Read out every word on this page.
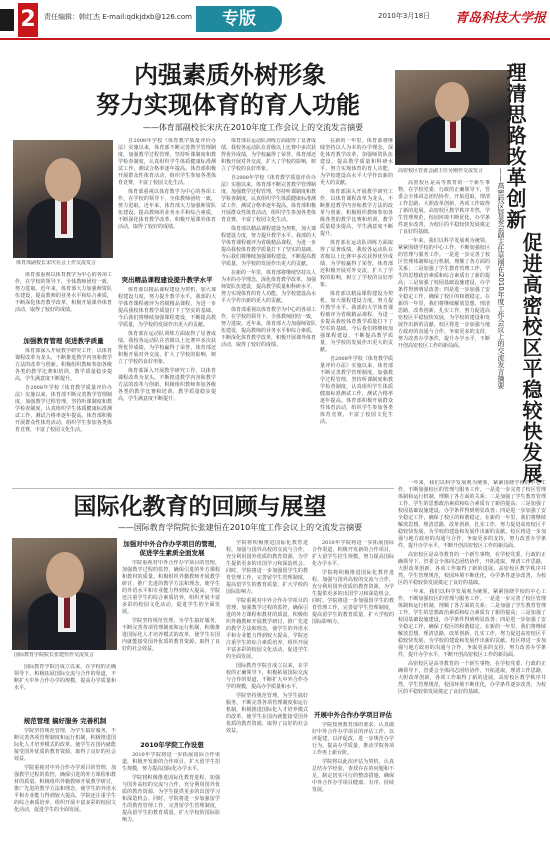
2	责任编辑：韩红杰 E-mail:qdkjdxb@126.com	专版	2010年3月18日	青岛科技大学报
内强素质外树形象
努力实现体育的育人功能
——体育部副校长宋庆在2010年度工作会议上的交流发言摘要
体育部副校长宋庆在会上作交流发言

体育部重视以体育教学为中心的各项工作，在学校的领导下，全体教师团结一致，努力进取。近年来，体育部大力加强师资队伍建设，提高教师的业务水平和综合素质，不断深化体育教学改革，积极开展课外体育活动，取得了较好的成绩。

加强教育管理 促进教学质量

体育部深入开展教学研究工作，以体育课程改革为龙头，不断推进教学内容和教学方法的改革与创新。积极组织教师参加各级各类的教学比赛和培训，教学质量稳步提高，学生满意度不断提升。

自2008年学校《体育教学质量评价办法》实施以来，体育部不断完善教学管理制度，加强教学过程管理，坚持听课制度和教学检查制度，认真组织学生体质健康标准测试工作，测试合格率逐年提高。体育部积极开展群众性体育活动，组织学生参加各类体育竞赛，丰富了校园文化生活。

自2008年学校《体育教学质量评价办法》实施以来，体育部不断完善教学管理制度，加强教学过程管理，坚持听课制度和教学检查制度，认真组织学生体质健康标准测试工作，测试合格率逐年提高。体育部积极开展群众性体育活动，组织学生参加各类体育竞赛，丰富了校园文化生活。

体育部重视以体育教学为中心的各项工作，在学校的领导下，全体教师团结一致，努力进取。近年来，体育部大力加强师资队伍建设，提高教师的业务水平和综合素质，不断深化体育教学改革，积极开展课外体育活动，取得了较好的成绩。

突出精品课程建设提升教学水平

体育部以精品课程建设为契机，加大课程建设力度，努力提升教学水平。我部的大学体育课程被评为省级精品课程，为进一步提高我校体育教学质量打下了坚实的基础。今后我们将继续加强课程建设，不断提高教学质量，为学校的发展作出更大的贡献。

体育部在运动队训练方面取得了显著成绩。我校各运动队在省级以上比赛中多次获得优异成绩，为学校赢得了荣誉。体育部还积极开展对外交流，扩大了学校的影响，树立了学校的良好形象。

体育部深入开展教学研究工作，以体育课程改革为龙头，不断推进教学内容和教学方法的改革与创新。积极组织教师参加各级各类的教学比赛和培训，教学质量稳步提高，学生满意度不断提升。

体育部在运动队训练方面取得了显著成绩。我校各运动队在省级以上比赛中多次获得优异成绩，为学校赢得了荣誉。体育部还积极开展对外交流，扩大了学校的影响，树立了学校的良好形象。

自2008年学校《体育教学质量评价办法》实施以来，体育部不断完善教学管理制度，加强教学过程管理，坚持听课制度和教学检查制度，认真组织学生体质健康标准测试工作，测试合格率逐年提高。体育部积极开展群众性体育活动，组织学生参加各类体育竞赛，丰富了校园文化生活。

体育部以精品课程建设为契机，加大课程建设力度，努力提升教学水平。我部的大学体育课程被评为省级精品课程，为进一步提高我校体育教学质量打下了坚实的基础。今后我们将继续加强课程建设，不断提高教学质量，为学校的发展作出更大的贡献。

在新的一年里，体育部将继续坚持以人为本的办学理念，深化体育教学改革，加强师资队伍建设，提高教学质量和科研水平，努力实现体育的育人功能，为学校建设高水平大学作出新的更大的贡献。

体育部重视以体育教学为中心的各项工作，在学校的领导下，全体教师团结一致，努力进取。近年来，体育部大力加强师资队伍建设，提高教师的业务水平和综合素质，不断深化体育教学改革，积极开展课外体育活动，取得了较好的成绩。

在新的一年里，体育部将继续坚持以人为本的办学理念，深化体育教学改革，加强师资队伍建设，提高教学质量和科研水平，努力实现体育的育人功能，为学校建设高水平大学作出新的更大的贡献。

体育部深入开展教学研究工作，以体育课程改革为龙头，不断推进教学内容和教学方法的改革与创新。积极组织教师参加各级各类的教学比赛和培训，教学质量稳步提高，学生满意度不断提升。

体育部在运动队训练方面取得了显著成绩。我校各运动队在省级以上比赛中多次获得优异成绩，为学校赢得了荣誉。体育部还积极开展对外交流，扩大了学校的影响，树立了学校的良好形象。

体育部以精品课程建设为契机，加大课程建设力度，努力提升教学水平。我部的大学体育课程被评为省级精品课程，为进一步提高我校体育教学质量打下了坚实的基础。今后我们将继续加强课程建设，不断提高教学质量，为学校的发展作出更大的贡献。

自2008年学校《体育教学质量评价办法》实施以来，体育部不断完善教学管理制度，加强教学过程管理，坚持听课制度和教学检查制度，认真组织学生体质健康标准测试工作，测试合格率逐年提高。体育部积极开展群众性体育活动，组织学生参加各类体育竞赛，丰富了校园文化生活。

理清思路改革创新
——高密校区管委会副主任吴刚在2010年度工作会议上的交流发言摘要 促进高密校区平稳较快发展
高密校区管委会副主任吴刚作交流发言

高密校区是高等教育的一个新生事物，在学校党委、行政的正确领导下，管委会全体同志团结协作，开拓进取，理清工作思路，大胆改革创新，各项工作取得了新的进展。高密校区教学秩序井然，学生管理规范，校园环境不断优化，办学条件逐步改善，为校区的平稳较快发展奠定了良好的基础。

一年来，我们以科学发展观为统领，紧紧围绕学校的中心工作，不断加强校区的管理与服务工作。一是进一步完善了校区管理体制和运行机制，理顺了各方面的关系；二是加强了学生教育管理工作，学生的思想政治素质和综合素质有了新的提高；三是加强了校园基础设施建设，办学条件得到明显改善；四是进一步加强了安全稳定工作，确保了校区的和谐稳定。在新的一年里，我们将继续解放思想，理清思路，改革创新，扎实工作，努力促进高密校区平稳较快发展，为学校的建设和发展作出新的贡献。校区将进一步加强与地方政府的沟通与合作，争取更多的支持，努力改善办学条件，提升办学水平，不断开创高密校区工作的新局面。

一年来，我们以科学发展观为统领，紧紧围绕学校的中心工作，不断加强校区的管理与服务工作。一是进一步完善了校区管理体制和运行机制，理顺了各方面的关系；二是加强了学生教育管理工作，学生的思想政治素质和综合素质有了新的提高；三是加强了校园基础设施建设，办学条件得到明显改善；四是进一步加强了安全稳定工作，确保了校区的和谐稳定。在新的一年里，我们将继续解放思想，理清思路，改革创新，扎实工作，努力促进高密校区平稳较快发展，为学校的建设和发展作出新的贡献。校区将进一步加强与地方政府的沟通与合作，争取更多的支持，努力改善办学条件，提升办学水平，不断开创高密校区工作的新局面。

高密校区是高等教育的一个新生事物，在学校党委、行政的正确领导下，管委会全体同志团结协作，开拓进取，理清工作思路，大胆改革创新，各项工作取得了新的进展。高密校区教学秩序井然，学生管理规范，校园环境不断优化，办学条件逐步改善，为校区的平稳较快发展奠定了良好的基础。

一年来，我们以科学发展观为统领，紧紧围绕学校的中心工作，不断加强校区的管理与服务工作。一是进一步完善了校区管理体制和运行机制，理顺了各方面的关系；二是加强了学生教育管理工作，学生的思想政治素质和综合素质有了新的提高；三是加强了校园基础设施建设，办学条件得到明显改善；四是进一步加强了安全稳定工作，确保了校区的和谐稳定。在新的一年里，我们将继续解放思想，理清思路，改革创新，扎实工作，努力促进高密校区平稳较快发展，为学校的建设和发展作出新的贡献。校区将进一步加强与地方政府的沟通与合作，争取更多的支持，努力改善办学条件，提升办学水平，不断开创高密校区工作的新局面。

高密校区是高等教育的一个新生事物，在学校党委、行政的正确领导下，管委会全体同志团结协作，开拓进取，理清工作思路，大胆改革创新，各项工作取得了新的进展。高密校区教学秩序井然，学生管理规范，校园环境不断优化，办学条件逐步改善，为校区的平稳较快发展奠定了良好的基础。

国际化教育的回顾与展望
——国际教育学院院长张建恒在2010年度工作会议上的交流发言摘要
国际教育学院院长张建恒作交流发言

国际教育学院自成立以来，在学校的正确领导下，积极拓展国际交流与合作的渠道，不断扩大中外合作办学的规模，提高办学质量和水平。

规范管理 搞好服务 完善机制

学院坚持规范管理，为学生搞好服务，不断完善各项管理制度和运行机制，积极推进国际化人才培养模式的改革，使学生在国内就能接受国外优质的教育资源，取得了良好的社会效益。

学院重视对中外合作办学项目的管理，加强教学过程的监控，确保引进的外方课程和教材的质量。积极组织外籍教师开展教学研讨，推广先进的教学方法和理念，使学生的外语水平和专业能力得到较大提高。学院还注重学生的综合素质培养，组织开展丰富多彩的校园文化活动，促进学生的全面发展。

加强对中外合作办学项目的管理，促进学生素质全面发展

学院重视对中外合作办学项目的管理，加强教学过程的监控，确保引进的外方课程和教材的质量。积极组织外籍教师开展教学研讨，推广先进的教学方法和理念，使学生的外语水平和专业能力得到较大提高。学院还注重学生的综合素质培养，组织开展丰富多彩的校园文化活动，促进学生的全面发展。

学院坚持规范管理，为学生搞好服务，不断完善各项管理制度和运行机制，积极推进国际化人才培养模式的改革，使学生在国内就能接受国外优质的教育资源，取得了良好的社会效益。

2010年学院工作设想

2010年学院将进一步拓展国际合作渠道，积极开发新的合作项目，扩大留学生招生规模，努力提高国际化办学水平。

学院将积极推进国际化教育进程，加强与国外高校的交流与合作，充分利用国外优质的教育资源，为学生提供更多的出国学习和深造机会。同时，学院将进一步加强留学生的教育管理工作，完善留学生管理制度，提高留学生的教育质量，扩大学校的国际影响力。

学院将积极推进国际化教育进程，加强与国外高校的交流与合作，充分利用国外优质的教育资源，为学生提供更多的出国学习和深造机会。同时，学院将进一步加强留学生的教育管理工作，完善留学生管理制度，提高留学生的教育质量，扩大学校的国际影响力。

学院重视对中外合作办学项目的管理，加强教学过程的监控，确保引进的外方课程和教材的质量。积极组织外籍教师开展教学研讨，推广先进的教学方法和理念，使学生的外语水平和专业能力得到较大提高。学院还注重学生的综合素质培养，组织开展丰富多彩的校园文化活动，促进学生的全面发展。

国际教育学院自成立以来，在学校的正确领导下，积极拓展国际交流与合作的渠道，不断扩大中外合作办学的规模，提高办学质量和水平。

学院坚持规范管理，为学生搞好服务，不断完善各项管理制度和运行机制，积极推进国际化人才培养模式的改革，使学生在国内就能接受国外优质的教育资源，取得了良好的社会效益。

2010年学院将进一步拓展国际合作渠道，积极开发新的合作项目，扩大留学生招生规模，努力提高国际化办学水平。

学院将积极推进国际化教育进程，加强与国外高校的交流与合作，充分利用国外优质的教育资源，为学生提供更多的出国学习和深造机会。同时，学院将进一步加强留学生的教育管理工作，完善留学生管理制度，提高留学生的教育质量，扩大学校的国际影响力。

开展中外合作办学项目评估

学院按照教育部的要求，认真做好中外合作办学项目的评估工作，以评促建，以评促改，进一步规范办学行为，提高办学质量，推动学院各项工作再上新台阶。

学院将以此次评估为契机，认真总结办学经验，查找存在的问题和不足，制定切实可行的整改措施，确保中外合作办学项目健康、有序、持续发展。
